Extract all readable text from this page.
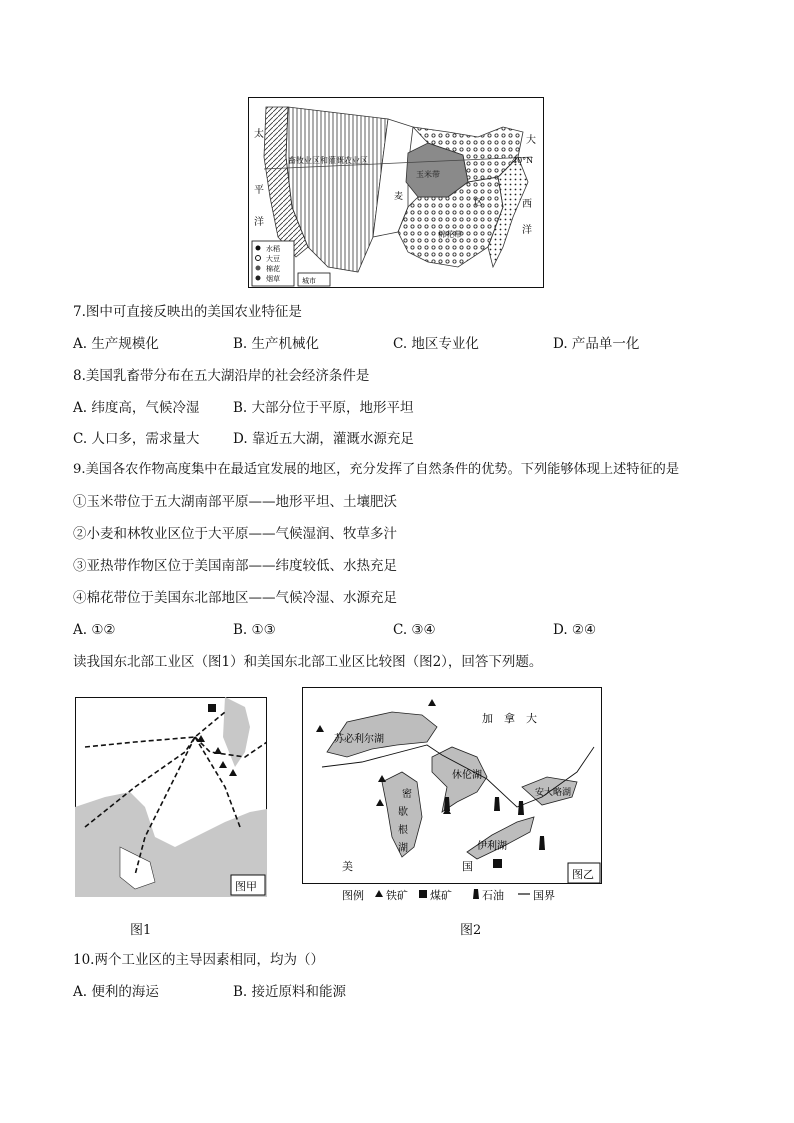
太
平
洋
大
西
洋
40°N
畜牧业区和灌溉农业区
玉米带
棉花带
麦
区
水稻
大豆
棉花
烟草	城市
7.图中可直接反映出的美国农业特征是
A. 生产规模化	B. 生产机械化	C. 地区专业化	D. 产品单一化
8.美国乳畜带分布在五大湖沿岸的社会经济条件是
A. 纬度高，气候冷湿 B. 大部分位于平原，地形平坦
C. 人口多，需求量大 D. 靠近五大湖，灌溉水源充足
9.美国各农作物高度集中在最适宜发展的地区，充分发挥了自然条件的优势。下列能够体现上述特征的是
①玉米带位于五大湖南部平原——地形平坦、土壤肥沃
②小麦和林牧业区位于大平原——气候湿润、牧草多汁
③亚热带作物区位于美国南部——纬度较低、水热充足
④棉花带位于美国东北部地区——气候冷湿、水源充足
A. ①②	B. ①③	C. ③④	D. ②④
读我国东北部工业区（图1）和美国东北部工业区比较图（图2），回答下列题。
图甲
图1
加　拿　大
苏必利尔湖
密
歇
根
湖
休伦湖
安大略湖
伊利湖
美	国
图乙
图例 铁矿 煤矿	石油	国界
图2
10.两个工业区的主导因素相同，均为（）
A. 便利的海运	B. 接近原料和能源
